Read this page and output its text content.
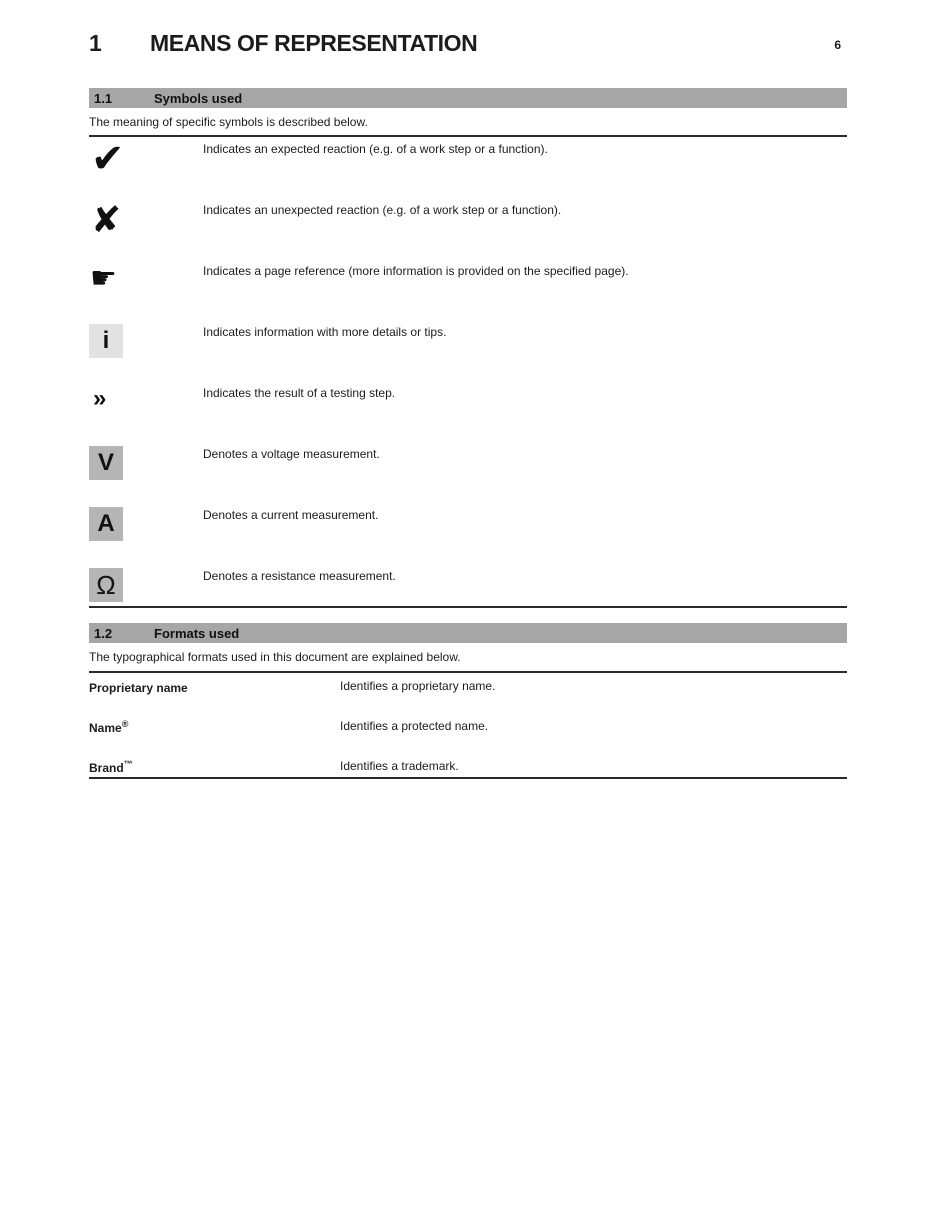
1	MEANS OF REPRESENTATION	6
1.1	Symbols used

The meaning of specific symbols is described below.

✔	Indicates an expected reaction (e.g. of a work step or a function).
✘	Indicates an unexpected reaction (e.g. of a work step or a function).
☛	Indicates a page reference (more information is provided on the specified page).
i	Indicates information with more details or tips.
»	Indicates the result of a testing step.
V	Denotes a voltage measurement.
A	Denotes a current measurement.
Ω	Denotes a resistance measurement.
1.2	Formats used

The typographical formats used in this document are explained below.

Proprietary name	Identifies a proprietary name.
Name®	Identifies a protected name.
Brand™	Identifies a trademark.
